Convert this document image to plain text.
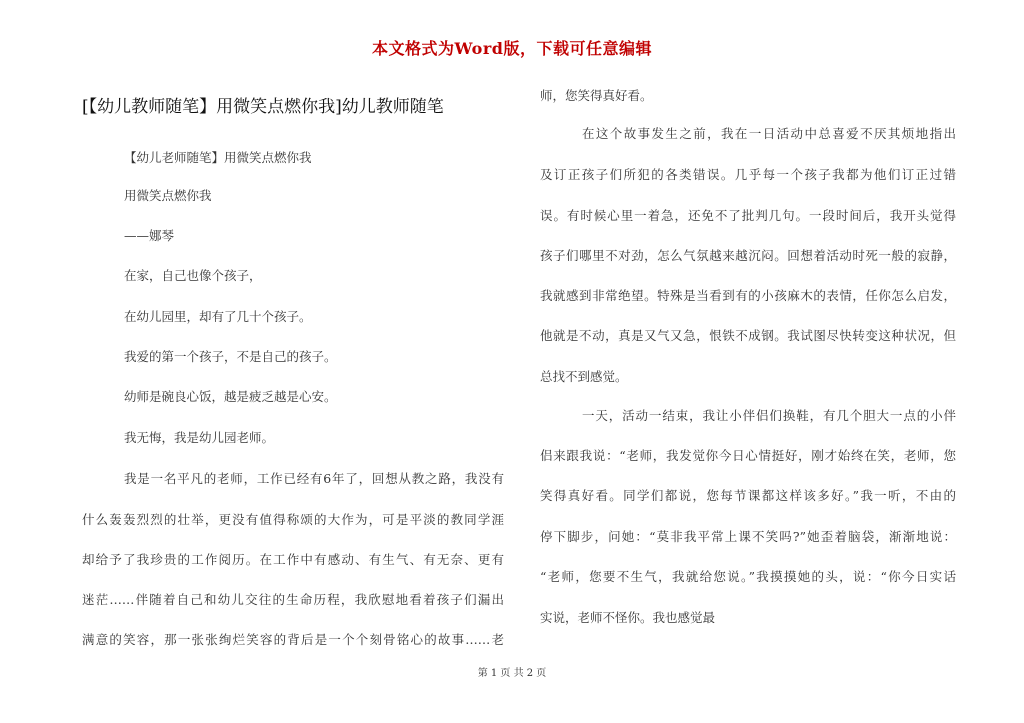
本文格式为Word版，下载可任意编辑
[【幼儿教师随笔】用微笑点燃你我]幼儿教师随笔
【幼儿老师随笔】用微笑点燃你我
用微笑点燃你我
——娜琴
在家，自己也像个孩子，
在幼儿园里，却有了几十个孩子。
我爱的第一个孩子，不是自己的孩子。
幼师是碗良心饭，越是疲乏越是心安。
我无悔，我是幼儿园老师。
我是一名平凡的老师，工作已经有6年了，回想从教之路，我没有
什么轰轰烈烈的壮举，更没有值得称颂的大作为，可是平淡的教同学涯
却给予了我珍贵的工作阅历。在工作中有感动、有生气、有无奈、更有
迷茫……伴随着自己和幼儿交往的生命历程，我欣慰地看着孩子们漏出
满意的笑容，那一张张绚烂笑容的背后是一个个刻骨铭心的故事……老
师，您笑得真好看。
在这个故事发生之前，我在一日活动中总喜爱不厌其烦地指出
及订正孩子们所犯的各类错误。几乎每一个孩子我都为他们订正过错
误。有时候心里一着急，还免不了批判几句。一段时间后，我开头觉得
孩子们哪里不对劲，怎么气氛越来越沉闷。回想着活动时死一般的寂静，
我就感到非常绝望。特殊是当看到有的小孩麻木的表情，任你怎么启发，
他就是不动，真是又气又急，恨铁不成钢。我试图尽快转变这种状况，但
总找不到感觉。
一天，活动一结束，我让小伴侣们换鞋，有几个胆大一点的小伴
侣来跟我说：“老师，我发觉你今日心情挺好，刚才始终在笑，老师，您
笑得真好看。同学们都说，您每节课都这样该多好。”我一听，不由的
停下脚步，问她：“莫非我平常上课不笑吗?”她歪着脑袋，渐渐地说：
“老师，您要不生气，我就给您说。”我摸摸她的头，说：“你今日实话
实说，老师不怪你。我也感觉最
第 1 页 共 2 页
